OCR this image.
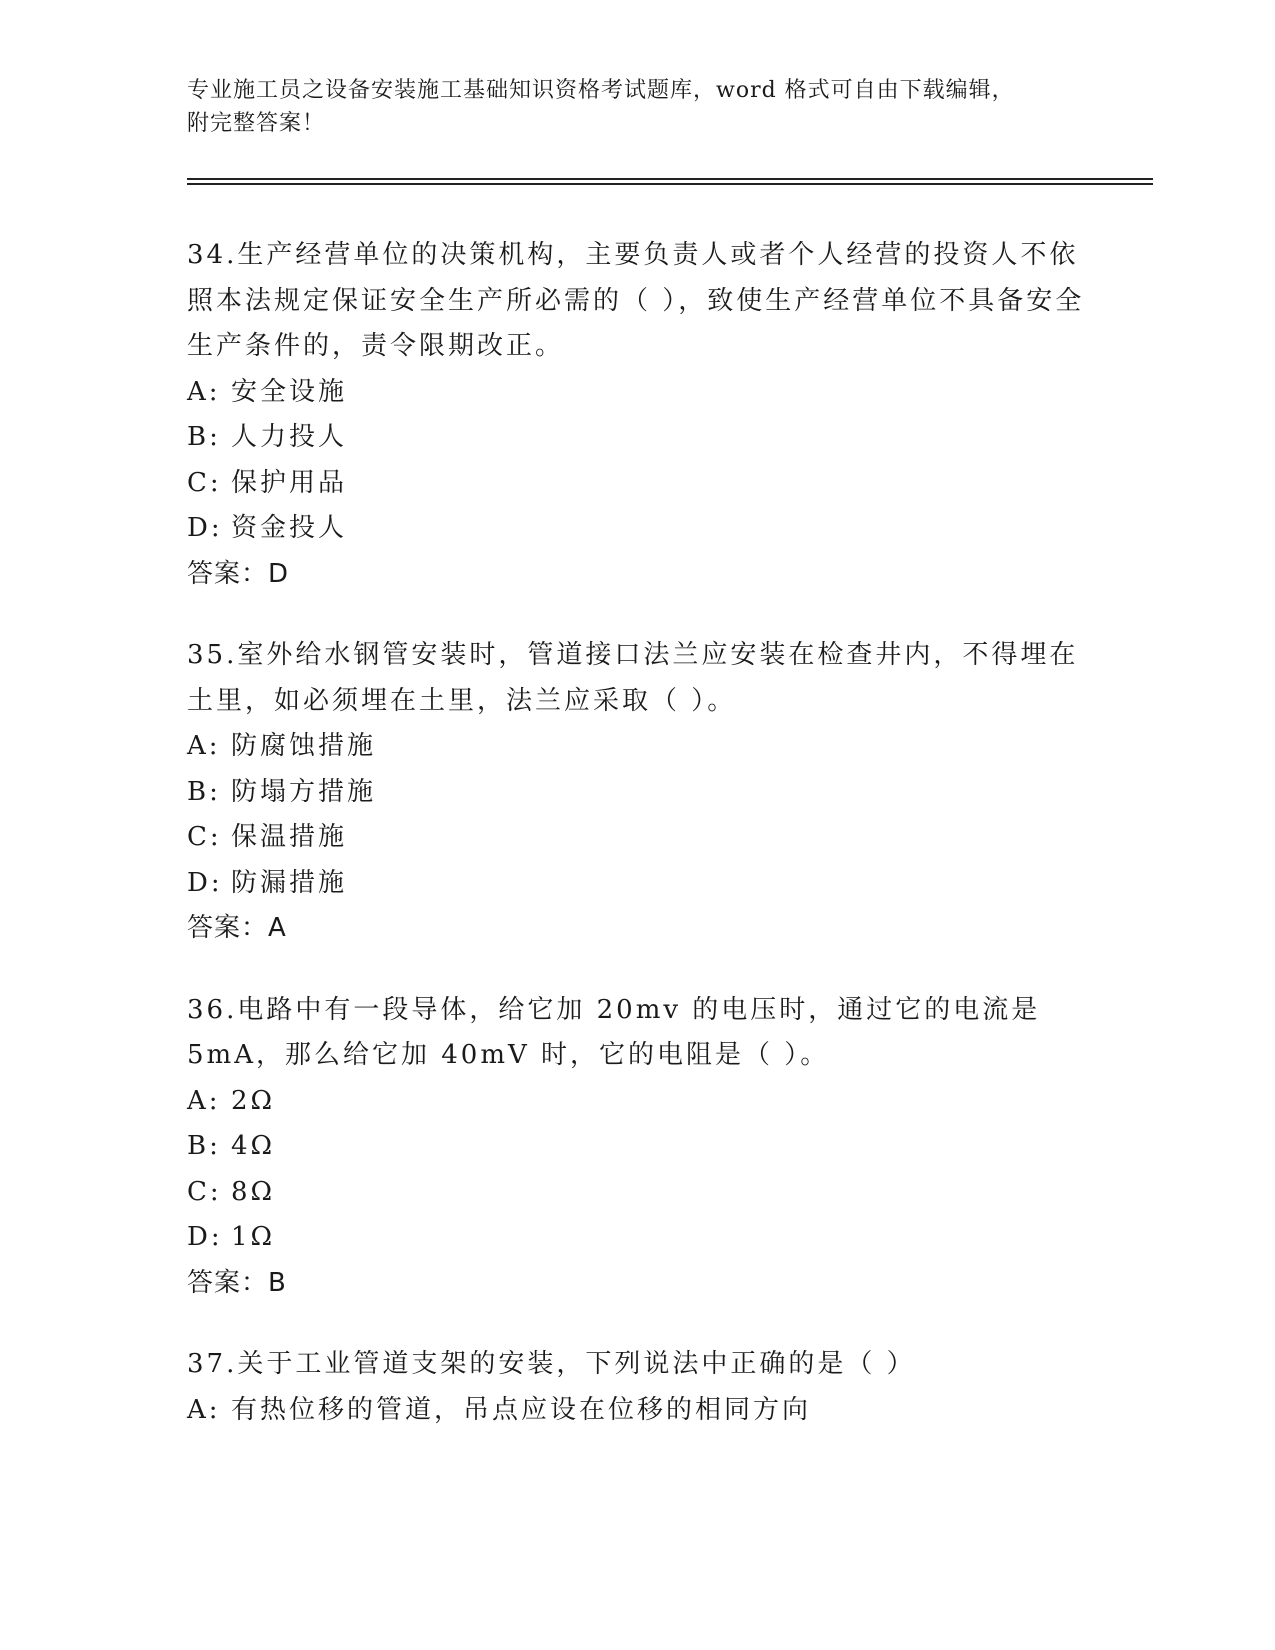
专业施工员之设备安装施工基础知识资格考试题库，word 格式可自由下载编辑，
附完整答案！

34.生产经营单位的决策机构，主要负责人或者个人经营的投资人不依照本法规定保证安全生产所必需的（ ），致使生产经营单位不具备安全生产条件的，责令限期改正。

A: 安全设施
B: 人力投人
C: 保护用品
D: 资金投人
答案：D

35.室外给水钢管安装时，管道接口法兰应安装在检查井内，不得埋在土里，如必须埋在土里，法兰应采取（ ）。

A: 防腐蚀措施
B: 防塌方措施
C: 保温措施
D: 防漏措施
答案：A

36.电路中有一段导体，给它加 20mv 的电压时，通过它的电流是 5mA，那么给它加 40mV 时，它的电阻是（ ）。

A: 2Ω
B: 4Ω
C: 8Ω
D: 1Ω
答案：B

37.关于工业管道支架的安装，下列说法中正确的是（ ）

A: 有热位移的管道，吊点应设在位移的相同方向
